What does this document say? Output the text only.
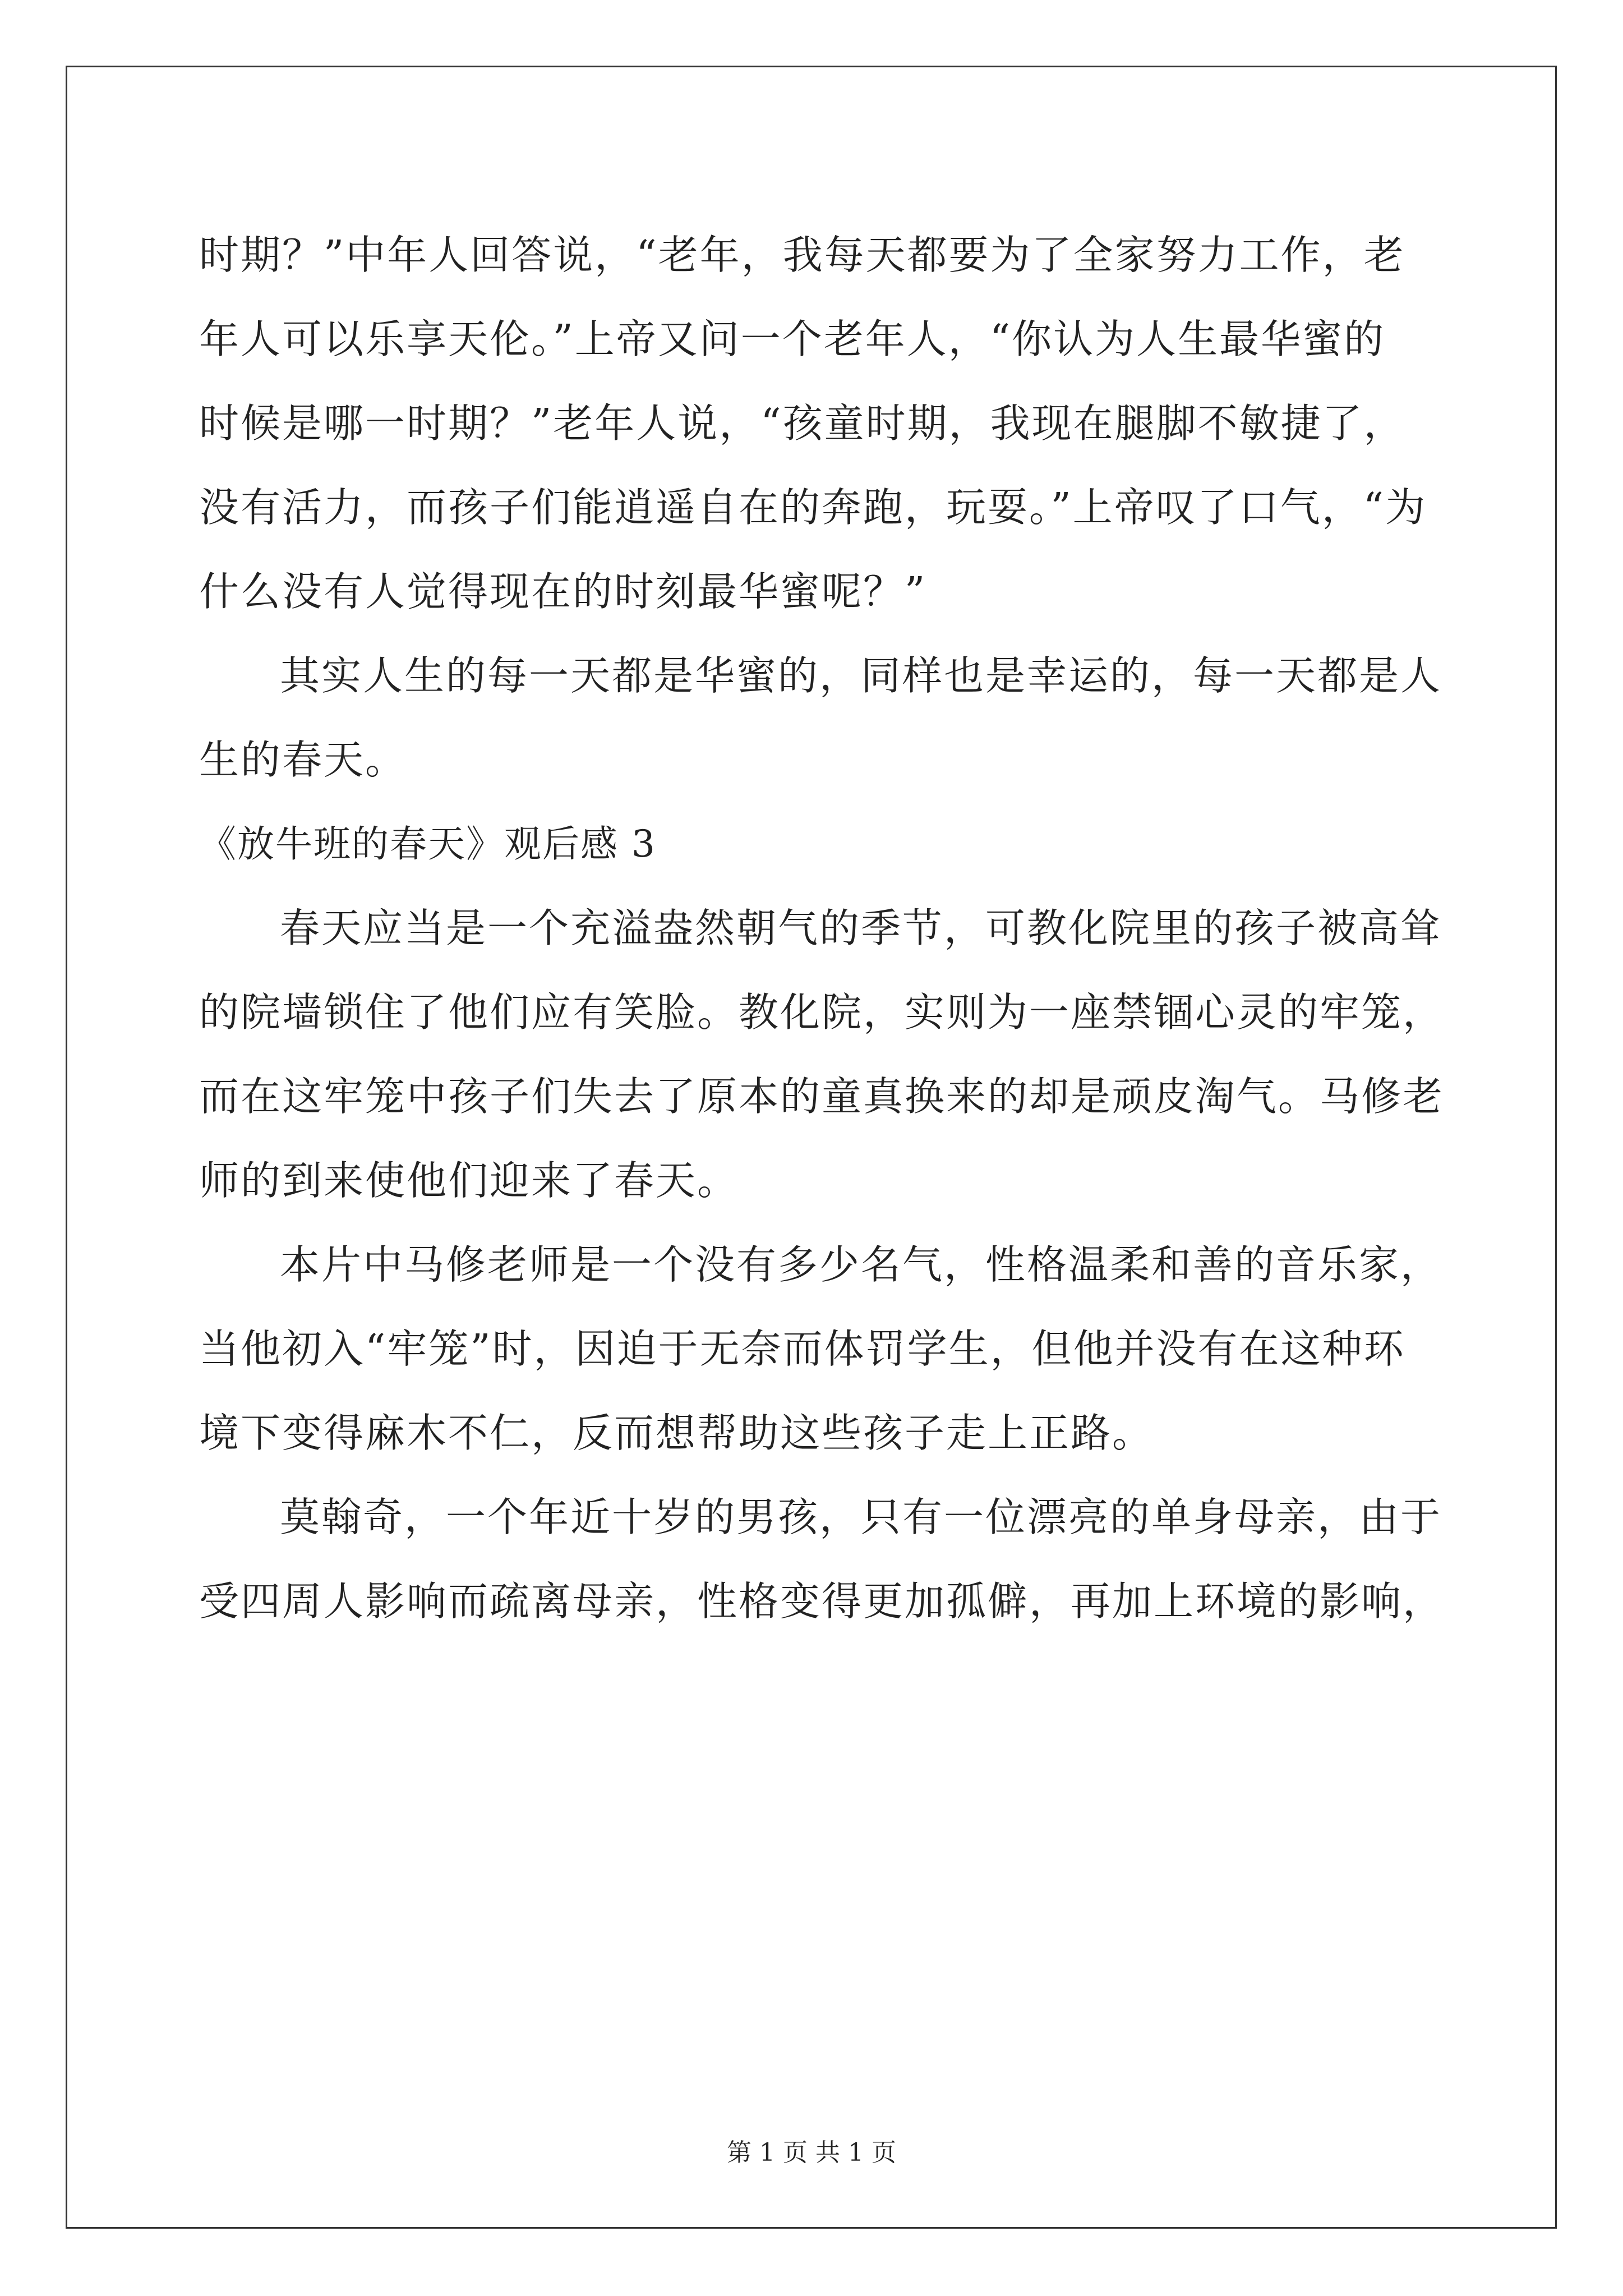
时期？”中年人回答说，“老年，我每天都要为了全家努力工作，老
年人可以乐享天伦。”上帝又问一个老年人，“你认为人生最华蜜的
时候是哪一时期？”老年人说，“孩童时期，我现在腿脚不敏捷了，
没有活力，而孩子们能逍遥自在的奔跑，玩耍。”上帝叹了口气，“为
什么没有人觉得现在的时刻最华蜜呢？”
其实人生的每一天都是华蜜的，同样也是幸运的，每一天都是人
生的春天。
《放牛班的春天》观后感 3
春天应当是一个充溢盎然朝气的季节，可教化院里的孩子被高耸
的院墙锁住了他们应有笑脸。教化院，实则为一座禁锢心灵的牢笼，
而在这牢笼中孩子们失去了原本的童真换来的却是顽皮淘气。马修老
师的到来使他们迎来了春天。
本片中马修老师是一个没有多少名气，性格温柔和善的音乐家，
当他初入“牢笼”时，因迫于无奈而体罚学生，但他并没有在这种环
境下变得麻木不仁，反而想帮助这些孩子走上正路。
莫翰奇，一个年近十岁的男孩，只有一位漂亮的单身母亲，由于
受四周人影响而疏离母亲，性格变得更加孤僻，再加上环境的影响，
第 1 页 共 1 页
